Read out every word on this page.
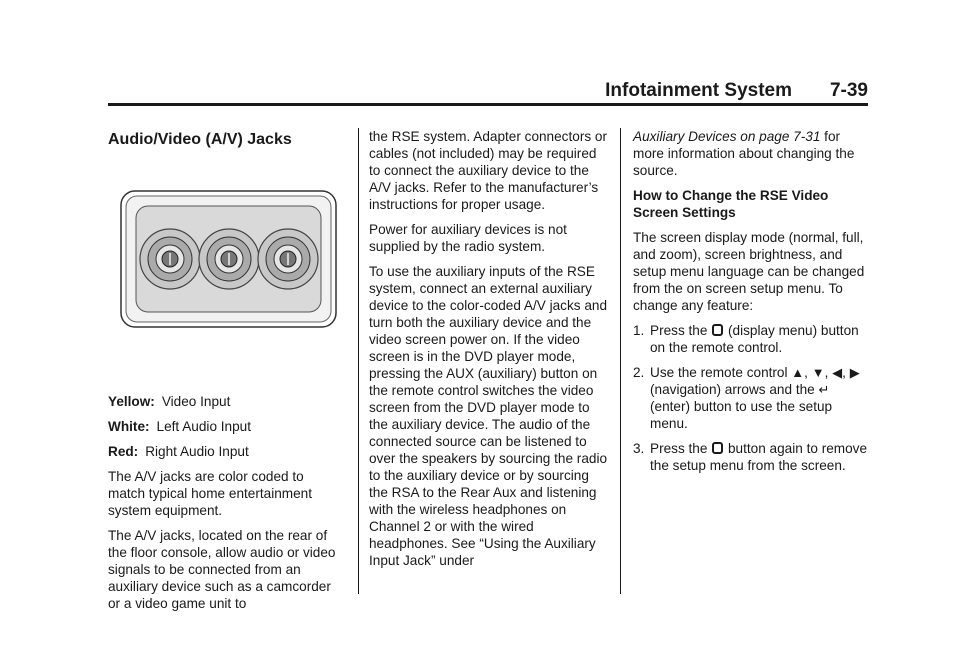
Infotainment System 7-39
Audio/Video (A/V) Jacks
Yellow: Video Input
White: Left Audio Input
Red: Right Audio Input

The A/V jacks are color coded to match typical home entertainment system equipment.

The A/V jacks, located on the rear of the floor console, allow audio or video signals to be connected from an auxiliary device such as a camcorder or a video game unit to

the RSE system. Adapter connectors or cables (not included) may be required to connect the auxiliary device to the A/V jacks. Refer to the manufacturer’s instructions for proper usage.

Power for auxiliary devices is not supplied by the radio system.

To use the auxiliary inputs of the RSE system, connect an external auxiliary device to the color-coded A/V jacks and turn both the auxiliary device and the video screen power on. If the video screen is in the DVD player mode, pressing the AUX (auxiliary) button on the remote control switches the video screen from the DVD player mode to the auxiliary device. The audio of the connected source can be listened to over the speakers by sourcing the radio to the auxiliary device or by sourcing the RSA to the Rear Aux and listening with the wireless headphones on Channel 2 or with the wired headphones. See “Using the Auxiliary Input Jack” under

Auxiliary Devices on page 7‑31 for more information about changing the source.

How to Change the RSE Video Screen Settings

The screen display mode (normal, full, and zoom), screen brightness, and setup menu language can be changed from the on screen setup menu. To change any feature:

1. Press the  (display menu) button on the remote control.
2. Use the remote control ▲, ▼, ◀, ▶ (navigation) arrows and the ↵ (enter) button to use the setup menu.
3. Press the  button again to remove the setup menu from the screen.
